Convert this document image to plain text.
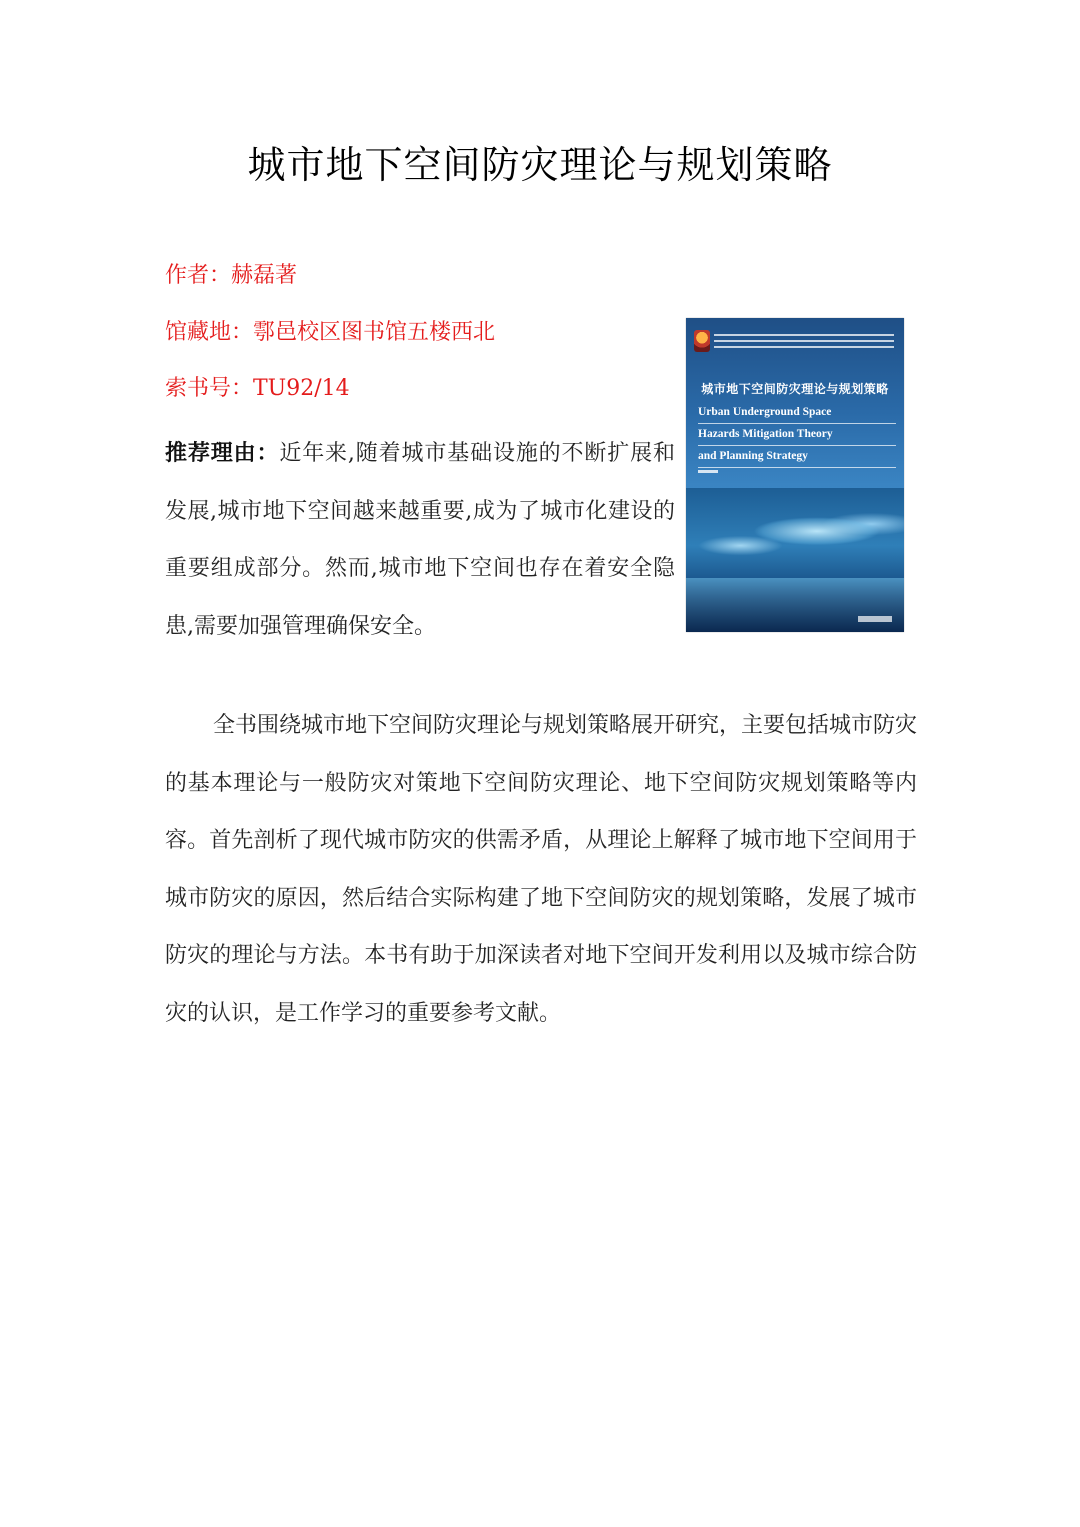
城市地下空间防灾理论与规划策略
作者：赫磊著
馆藏地：鄠邑校区图书馆五楼西北
索书号：TU92/14
推荐理由：近年来,随着城市基础设施的不断扩展和发展,城市地下空间越来越重要,成为了城市化建设的重要组成部分。然而,城市地下空间也存在着安全隐患,需要加强管理确保安全。
城市地下空间防灾理论与规划策略
Urban Underground Space
Hazards Mitigation Theory
and Planning Strategy

全书围绕城市地下空间防灾理论与规划策略展开研究，主要包括城市防灾的基本理论与一般防灾对策地下空间防灾理论、地下空间防灾规划策略等内容。首先剖析了现代城市防灾的供需矛盾，从理论上解释了城市地下空间用于城市防灾的原因，然后结合实际构建了地下空间防灾的规划策略，发展了城市防灾的理论与方法。本书有助于加深读者对地下空间开发利用以及城市综合防灾的认识，是工作学习的重要参考文献。
